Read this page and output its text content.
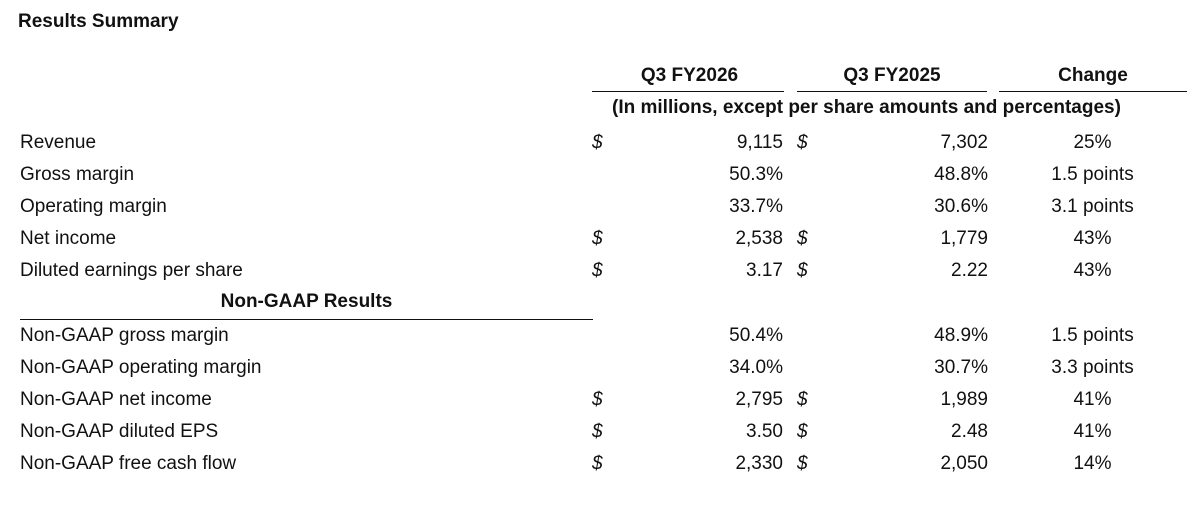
Results Summary
Q3 FY2026	Q3 FY2025	Change
(In millions, except per share amounts and percentages)
Revenue	$	9,115 $	7,302	25%
Gross margin	50.3%	48.8%	1.5 points
Operating margin	33.7%	30.6%	3.1 points
Net income	$	2,538 $	1,779	43%
Diluted earnings per share	$	3.17 $	2.22	43%
Non-GAAP Results
Non-GAAP gross margin	50.4%	48.9%	1.5 points
Non-GAAP operating margin	34.0%	30.7%	3.3 points
Non-GAAP net income	$	2,795 $	1,989	41%
Non-GAAP diluted EPS	$	3.50 $	2.48	41%
Non-GAAP free cash flow	$	2,330 $	2,050	14%
